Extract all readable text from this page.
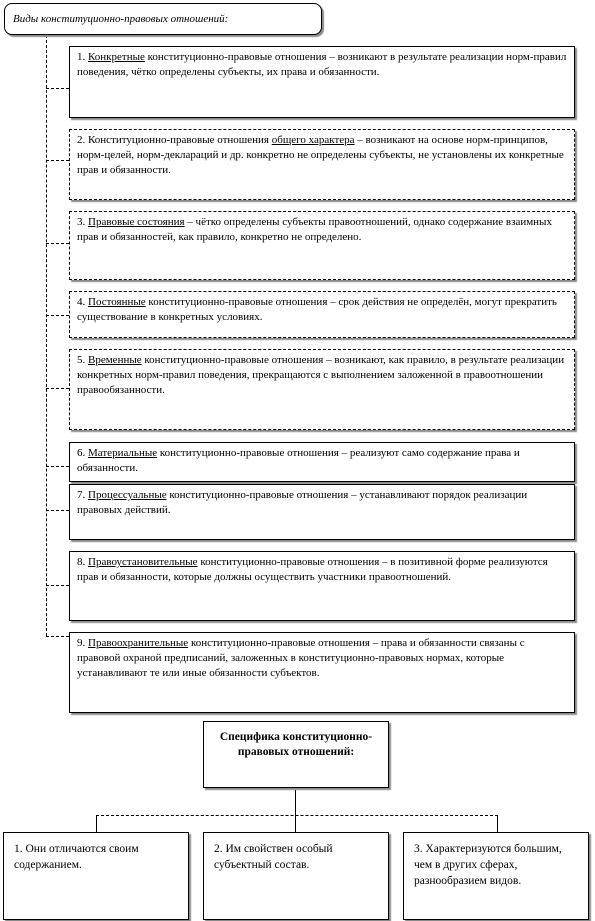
Виды конституционно-правовых отношений:
1. Конкретные конституционно-правовые отношения – возникают в результате реализации норм-правил поведения, чётко определены субъекты, их права и обязанности.
2. Конституционно-правовые отношения общего характера – возникают на основе норм-принципов, норм-целей, норм-деклараций и др. конкретно не определены субъекты, не установлены их конкретные прав и обязанности.
3. Правовые состояния – чётко определены субъекты правоотношений, однако содержание взаимных прав и обязанностей, как правило, конкретно не определено.
4. Постоянные конституционно-правовые отношения – срок действия не определён, могут прекратить существование в конкретных условиях.
5. Временные конституционно-правовые отношения – возникают, как правило, в результате реализации конкретных норм-правил поведения, прекращаются с выполнением заложенной в правоотношении правообязанности.
6. Материальные конституционно-правовые отношения – реализуют само содержание права и обязанности.
7. Процессуальные конституционно-правовые отношения – устанавливают порядок реализации правовых действий.
8. Правоустановительные конституционно-правовые отношения – в позитивной форме реализуются прав и обязанности, которые должны осуществить участники правоотношений.
9. Правоохранительные конституционно-правовые отношения – права и обязанности связаны с правовой охраной предписаний, заложенных в конституционно-правовых нормах, которые устанавливают те или иные обязанности субъектов.
Специфика конституционно-правовых отношений:
1. Они отличаются своим содержанием.
2. Им свойствен особый субъектный состав.
3. Характеризуются большим, чем в других сферах, разнообразием видов.
